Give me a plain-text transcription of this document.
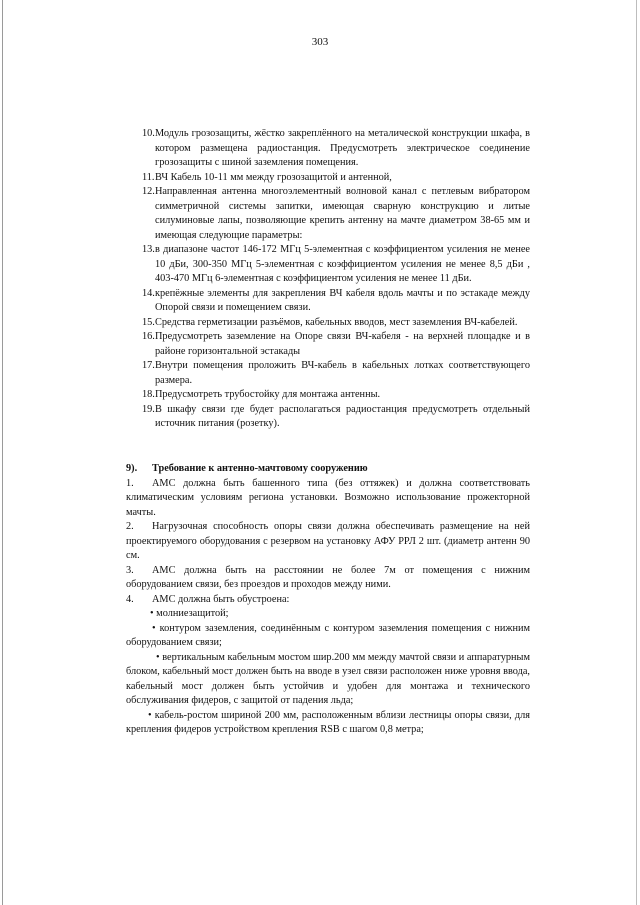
303
10. Модуль грозозащиты, жёстко закреплённого на металической конструкции шкафа, в котором размещена радиостанция. Предусмотреть электрическое соединение грозозащиты с шиной заземления помещения.
11. ВЧ Кабель 10-11 мм между грозозащитой и антенной,
12. Направленная антенна многоэлементный волновой канал с петлевым вибратором симметричной системы запитки, имеющая сварную конструкцию и литые силуминовые лапы, позволяющие крепить антенну на мачте диаметром 38-65 мм и имеющая следующие параметры:
13. в диапазоне частот 146-172 МГц 5-элементная с коэффициентом усиления не менее 10 дБи, 300-350 МГц 5-элементная с коэффициентом усиления не менее 8,5 дБи , 403-470 МГц 6-элементная с коэффициентом усиления не менее 11 дБи.
14. крепёжные элементы для закрепления ВЧ кабеля вдоль мачты и по эстакаде между Опорой связи и помещением связи.
15. Средства герметизации разъёмов, кабельных вводов, мест заземления ВЧ-кабелей.
16. Предусмотреть заземление на Опоре связи ВЧ-кабеля - на верхней площадке и в районе горизонтальной эстакады
17. Внутри помещения проложить ВЧ-кабель в кабельных лотках соответствующего размера.
18. Предусмотреть трубостойку для монтажа антенны.
19. В шкафу связи где будет располагаться радиостанция предусмотреть отдельный источник питания (розетку).
9). Требование к антенно-мачтовому сооружению
1. АМС должна быть башенного типа (без оттяжек) и должна соответствовать климатическим условиям региона установки. Возможно использование прожекторной мачты.
2. Нагрузочная способность опоры связи должна обеспечивать размещение на ней проектируемого оборудования с резервом на установку АФУ РРЛ 2 шт. (диаметр антенн 90 см.
3. АМС должна быть на расстоянии не более 7м от помещения с нижним оборудованием связи, без проездов и проходов между ними.
4. АМС должна быть обустроена:
• молниезащитой;
• контуром заземления, соединённым с контуром заземления помещения с нижним оборудованием связи;
• вертикальным кабельным мостом шир.200 мм между мачтой связи и аппаратурным блоком, кабельный мост должен быть на вводе в узел связи расположен ниже уровня ввода, кабельный мост должен быть устойчив и удобен для монтажа и технического обслуживания фидеров, с защитой от падения льда;
• кабель-ростом шириной 200 мм, расположенным вблизи лестницы опоры связи, для крепления фидеров устройством крепления RSB с шагом 0,8 метра;
